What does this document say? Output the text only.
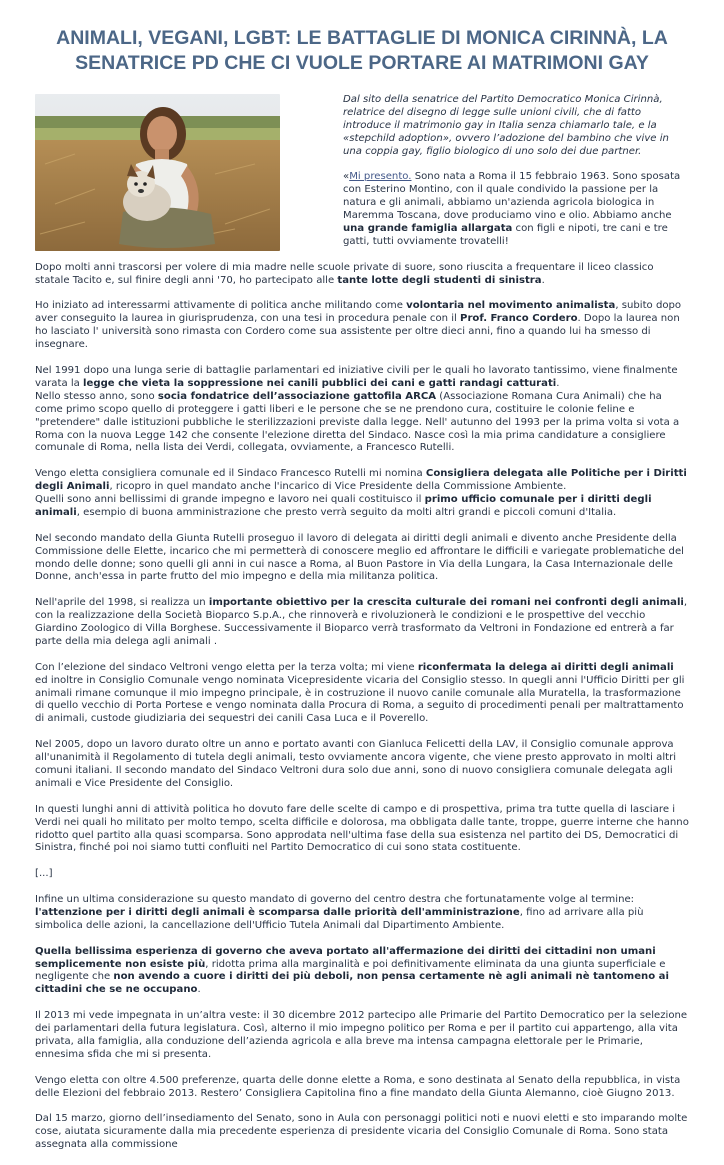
ANIMALI, VEGANI, LGBT: LE BATTAGLIE DI MONICA CIRINNÀ, LA SENATRICE PD CHE CI VUOLE PORTARE AI MATRIMONI GAY

Dal sito della senatrice del Partito Democratico Monica Cirinnà, relatrice del disegno di legge sulle unioni civili, che di fatto introduce il matrimonio gay in Italia senza chiamarlo tale, e la «stepchild adoption», ovvero l’adozione del bambino che vive in una coppia gay, figlio biologico di uno solo dei due partner.

«Mi presento. Sono nata a Roma il 15 febbraio 1963. Sono sposata con Esterino Montino, con il quale condivido la passione per la natura e gli animali, abbiamo un'azienda agricola biologica in Maremma Toscana, dove produciamo vino e olio. Abbiamo anche una grande famiglia allargata con figli e nipoti, tre cani e tre gatti, tutti ovviamente trovatelli!

Dopo molti anni trascorsi per volere di mia madre nelle scuole private di suore, sono riuscita a frequentare il liceo classico statale Tacito e, sul finire degli anni '70, ho partecipato alle tante lotte degli studenti di sinistra.

Ho iniziato ad interessarmi attivamente di politica anche militando come volontaria nel movimento animalista, subito dopo aver conseguito la laurea in giurisprudenza, con una tesi in procedura penale con il Prof. Franco Cordero. Dopo la laurea non ho lasciato l' università sono rimasta con Cordero come sua assistente per oltre dieci anni, fino a quando lui ha smesso di insegnare.

Nel 1991 dopo una lunga serie di battaglie parlamentari ed iniziative civili per le quali ho lavorato tantissimo, viene finalmente varata la legge che vieta la soppressione nei canili pubblici dei cani e gatti randagi catturati.
Nello stesso anno, sono socia fondatrice dell’associazione gattofila ARCA (Associazione Romana Cura Animali) che ha come primo scopo quello di proteggere i gatti liberi e le persone che se ne prendono cura, costituire le colonie feline e "pretendere" dalle istituzioni pubbliche le sterilizzazioni previste dalla legge. Nell' autunno del 1993 per la prima volta si vota a Roma con la nuova Legge 142 che consente l'elezione diretta del Sindaco. Nasce così la mia prima candidature a consigliere comunale di Roma, nella lista dei Verdi, collegata, ovviamente, a Francesco Rutelli.

Vengo eletta consigliera comunale ed il Sindaco Francesco Rutelli mi nomina Consigliera delegata alle Politiche per i Diritti degli Animali, ricopro in quel mandato anche l'incarico di Vice Presidente della Commissione Ambiente.
Quelli sono anni bellissimi di grande impegno e lavoro nei quali costituisco il primo ufficio comunale per i diritti degli animali, esempio di buona amministrazione che presto verrà seguito da molti altri grandi e piccoli comuni d'Italia.

Nel secondo mandato della Giunta Rutelli proseguo il lavoro di delegata ai diritti degli animali e divento anche Presidente della Commissione delle Elette, incarico che mi permetterà di conoscere meglio ed affrontare le difficili e variegate problematiche del mondo delle donne; sono quelli gli anni in cui nasce a Roma, al Buon Pastore in Via della Lungara, la Casa Internazionale delle Donne, anch'essa in parte frutto del mio impegno e della mia militanza politica.

Nell'aprile del 1998, si realizza un importante obiettivo per la crescita culturale dei romani nei confronti degli animali, con la realizzazione della Società Bioparco S.p.A., che rinnoverà e rivoluzionerà le condizioni e le prospettive del vecchio Giardino Zoologico di Villa Borghese. Successivamente il Bioparco verrà trasformato da Veltroni in Fondazione ed entrerà a far parte della mia delega agli animali .

Con l’elezione del sindaco Veltroni vengo eletta per la terza volta; mi viene riconfermata la delega ai diritti degli animali ed inoltre in Consiglio Comunale vengo nominata Vicepresidente vicaria del Consiglio stesso. In quegli anni l'Ufficio Diritti per gli animali rimane comunque il mio impegno principale, è in costruzione il nuovo canile comunale alla Muratella, la trasformazione di quello vecchio di Porta Portese e vengo nominata dalla Procura di Roma, a seguito di procedimenti penali per maltrattamento di animali, custode giudiziaria dei sequestri dei canili Casa Luca e il Poverello.

Nel 2005, dopo un lavoro durato oltre un anno e portato avanti con Gianluca Felicetti della LAV, il Consiglio comunale approva all'unanimità il Regolamento di tutela degli animali, testo ovviamente ancora vigente, che viene presto approvato in molti altri comuni italiani. Il secondo mandato del Sindaco Veltroni dura solo due anni, sono di nuovo consigliera comunale delegata agli animali e Vice Presidente del Consiglio.

In questi lunghi anni di attività politica ho dovuto fare delle scelte di campo e di prospettiva, prima tra tutte quella di lasciare i Verdi nei quali ho militato per molto tempo, scelta difficile e dolorosa, ma obbligata dalle tante, troppe, guerre interne che hanno ridotto quel partito alla quasi scomparsa. Sono approdata nell'ultima fase della sua esistenza nel partito dei DS, Democratici di Sinistra, finché poi noi siamo tutti confluiti nel Partito Democratico di cui sono stata costituente.

[...]

Infine un ultima considerazione su questo mandato di governo del centro destra che fortunatamente volge al termine: l'attenzione per i diritti degli animali è scomparsa dalle priorità dell'amministrazione, fino ad arrivare alla più simbolica delle azioni, la cancellazione dell'Ufficio Tutela Animali dal Dipartimento Ambiente.

Quella bellissima esperienza di governo che aveva portato all'affermazione dei diritti dei cittadini non umani semplicemente non esiste più, ridotta prima alla marginalità e poi definitivamente eliminata da una giunta superficiale e negligente che non avendo a cuore i diritti dei più deboli, non pensa certamente nè agli animali nè tantomeno ai cittadini che se ne occupano.

Il 2013 mi vede impegnata in un’altra veste: il 30 dicembre 2012 partecipo alle Primarie del Partito Democratico per la selezione dei parlamentari della futura legislatura. Così, alterno il mio impegno politico per Roma e per il partito cui appartengo, alla vita privata, alla famiglia, alla conduzione dell’azienda agricola e alla breve ma intensa campagna elettorale per le Primarie, ennesima sfida che mi si presenta.

Vengo eletta con oltre 4.500 preferenze, quarta delle donne elette a Roma, e sono destinata al Senato della repubblica, in vista delle Elezioni del febbraio 2013. Restero’ Consigliera Capitolina fino a fine mandato della Giunta Alemanno, cioè Giugno 2013.

Dal 15 marzo, giorno dell’insediamento del Senato, sono in Aula con personaggi politici noti e nuovi eletti e sto imparando molte cose, aiutata sicuramente dalla mia precedente esperienza di presidente vicaria del Consiglio Comunale di Roma. Sono stata assegnata alla commissione
